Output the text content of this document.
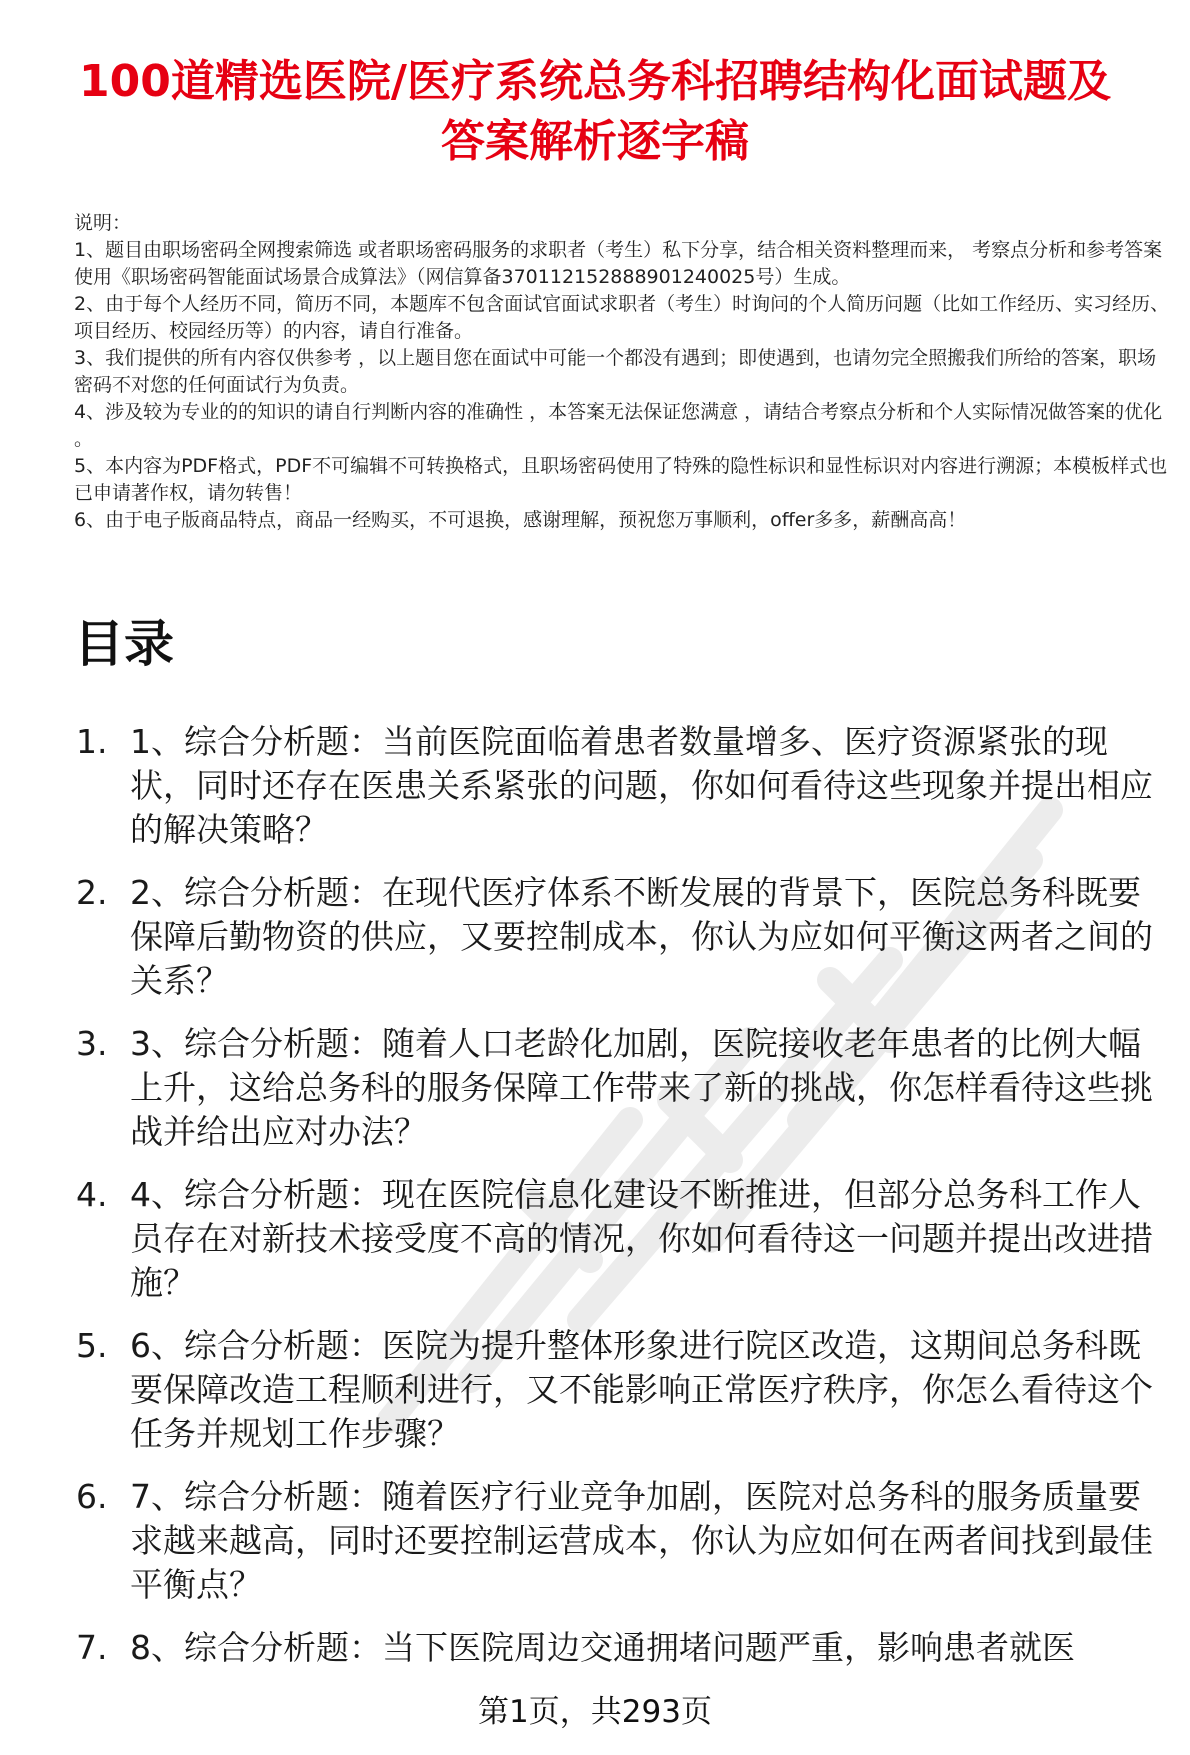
100道精选医院/医疗系统总务科招聘结构化面试题及答案解析逐字稿

说明：

1、题目由职场密码全网搜索筛选 或者职场密码服务的求职者（考生）私下分享，结合相关资料整理而来， 考察点分析和参考答案使用《职场密码智能面试场景合成算法》（网信算备370112152888901240025号）生成。

2、由于每个人经历不同，简历不同，本题库不包含面试官面试求职者（考生）时询问的个人简历问题（比如工作经历、实习经历、项目经历、校园经历等）的内容，请自行准备。

3、我们提供的所有内容仅供参考 ，以上题目您在面试中可能一个都没有遇到；即使遇到，也请勿完全照搬我们所给的答案，职场密码不对您的任何面试行为负责。

4、涉及较为专业的的知识的请自行判断内容的准确性 ，本答案无法保证您满意 ，请结合考察点分析和个人实际情况做答案的优化 。

5、本内容为PDF格式，PDF不可编辑不可转换格式，且职场密码使用了特殊的隐性标识和显性标识对内容进行溯源；本模板样式也已申请著作权，请勿转售！

6、由于电子版商品特点，商品一经购买，不可退换，感谢理解，预祝您万事顺利，offer多多，薪酬高高！

目录
1. 1、综合分析题：当前医院面临着患者数量增多、医疗资源紧张的现状，同时还存在医患关系紧张的问题，你如何看待这些现象并提出相应的解决策略？
2. 2、综合分析题：在现代医疗体系不断发展的背景下，医院总务科既要保障后勤物资的供应，又要控制成本，你认为应如何平衡这两者之间的关系？
3. 3、综合分析题：随着人口老龄化加剧，医院接收老年患者的比例大幅上升，这给总务科的服务保障工作带来了新的挑战，你怎样看待这些挑战并给出应对办法？
4. 4、综合分析题：现在医院信息化建设不断推进，但部分总务科工作人员存在对新技术接受度不高的情况，你如何看待这一问题并提出改进措施？
5. 6、综合分析题：医院为提升整体形象进行院区改造，这期间总务科既要保障改造工程顺利进行，又不能影响正常医疗秩序，你怎么看待这个任务并规划工作步骤？
6. 7、综合分析题：随着医疗行业竞争加剧，医院对总务科的服务质量要求越来越高，同时还要控制运营成本，你认为应如何在两者间找到最佳平衡点？
7. 8、综合分析题：当下医院周边交通拥堵问题严重，影响患者就医
第1页，共293页
